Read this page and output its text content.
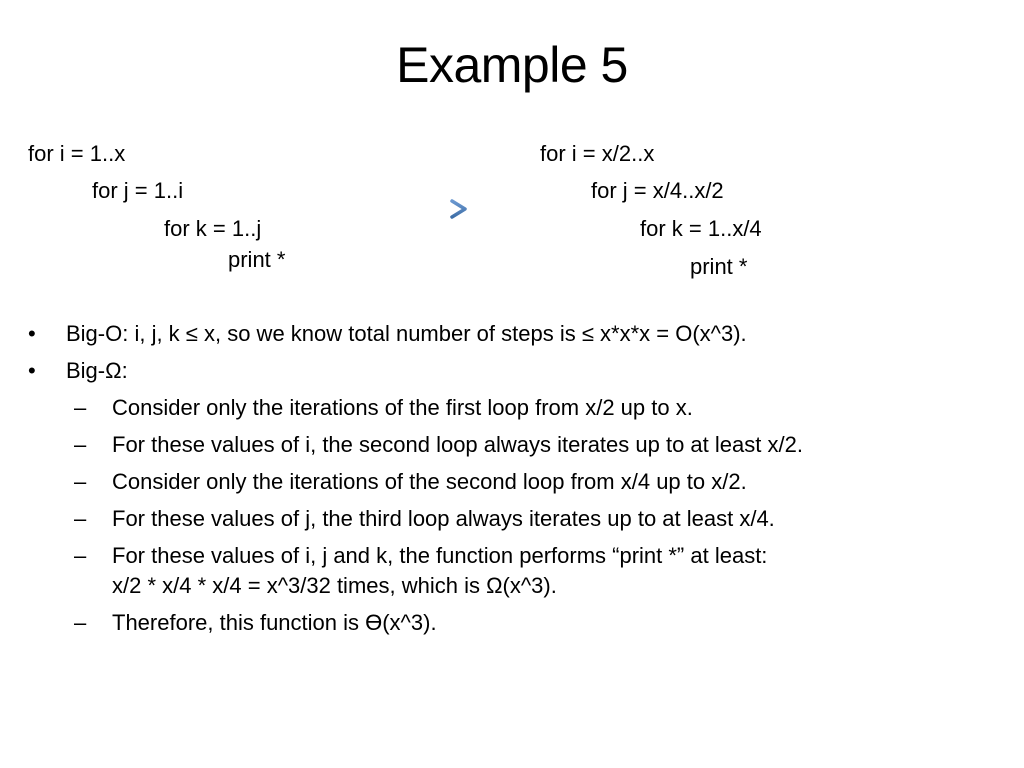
Example 5
for i = 1..x
for j = 1..i
for k = 1..j
print *
for i = x/2..x
for j = x/4..x/2
for k = 1..x/4
print *
•	Big-O: i, j, k ≤ x, so we know total number of steps is ≤ x*x*x = O(x^3).
•	Big-Ω:
– Consider only the iterations of the first loop from x/2 up to x.
– For these values of i, the second loop always iterates up to at least x/2.
– Consider only the iterations of the second loop from x/4 up to x/2.
– For these values of j, the third loop always iterates up to at least x/4.
– For these values of i, j and k, the function performs “print *” at least:
x/2 * x/4 * x/4 = x^3/32 times, which is Ω(x^3).
– Therefore, this function is Ө(x^3).
